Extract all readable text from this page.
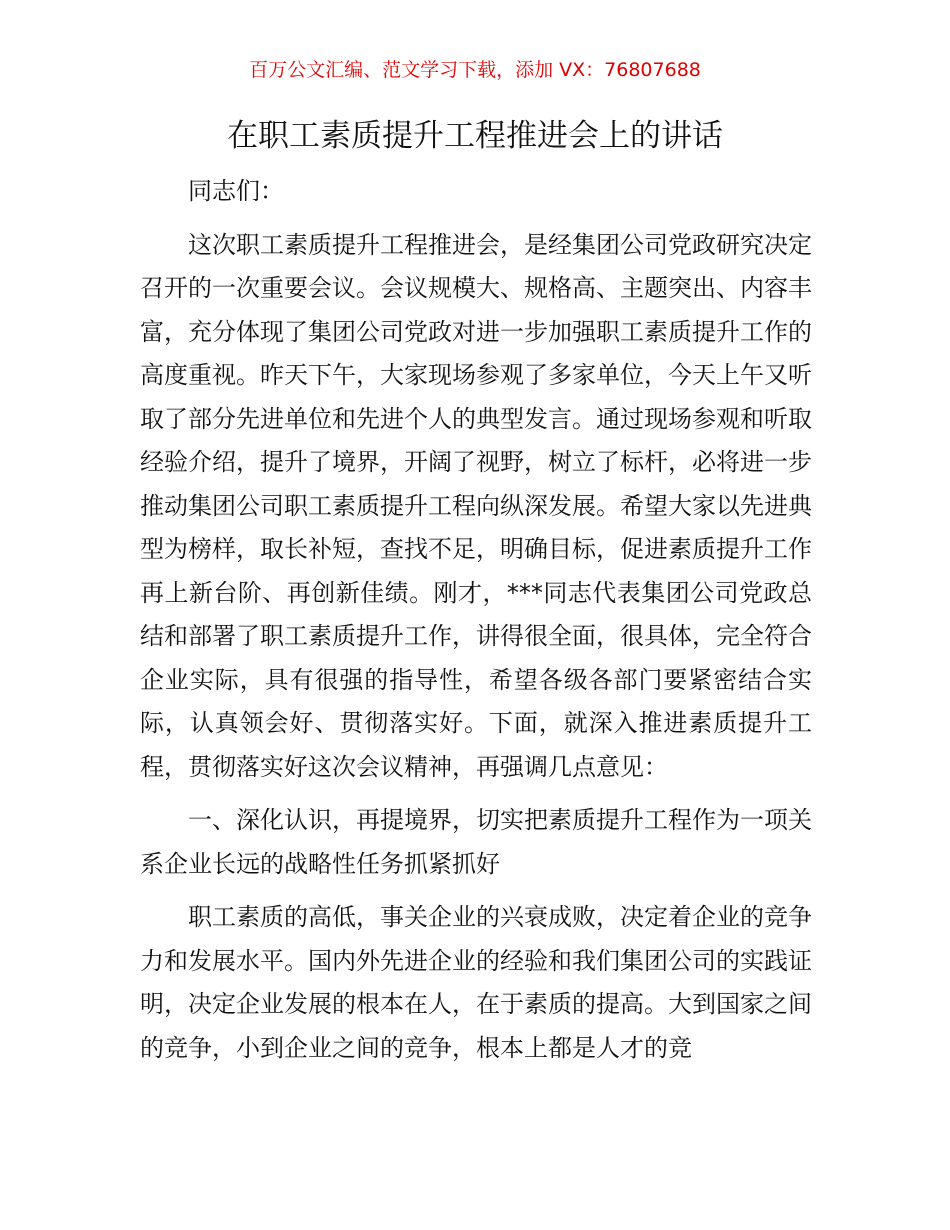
百万公文汇编、范文学习下载，添加 VX：76807688
在职工素质提升工程推进会上的讲话

同志们：

这次职工素质提升工程推进会，是经集团公司党政研究决定召开的一次重要会议。会议规模大、规格高、主题突出、内容丰富，充分体现了集团公司党政对进一步加强职工素质提升工作的高度重视。昨天下午，大家现场参观了多家单位，今天上午又听取了部分先进单位和先进个人的典型发言。通过现场参观和听取经验介绍，提升了境界，开阔了视野，树立了标杆，必将进一步推动集团公司职工素质提升工程向纵深发展。希望大家以先进典型为榜样，取长补短，查找不足，明确目标，促进素质提升工作再上新台阶、再创新佳绩。刚才，***同志代表集团公司党政总结和部署了职工素质提升工作，讲得很全面，很具体，完全符合企业实际，具有很强的指导性，希望各级各部门要紧密结合实际，认真领会好、贯彻落实好。下面，就深入推进素质提升工程，贯彻落实好这次会议精神，再强调几点意见：

一、深化认识，再提境界，切实把素质提升工程作为一项关系企业长远的战略性任务抓紧抓好

职工素质的高低，事关企业的兴衰成败，决定着企业的竞争力和发展水平。国内外先进企业的经验和我们集团公司的实践证明，决定企业发展的根本在人，在于素质的提高。大到国家之间的竞争，小到企业之间的竞争，根本上都是人才的竞
